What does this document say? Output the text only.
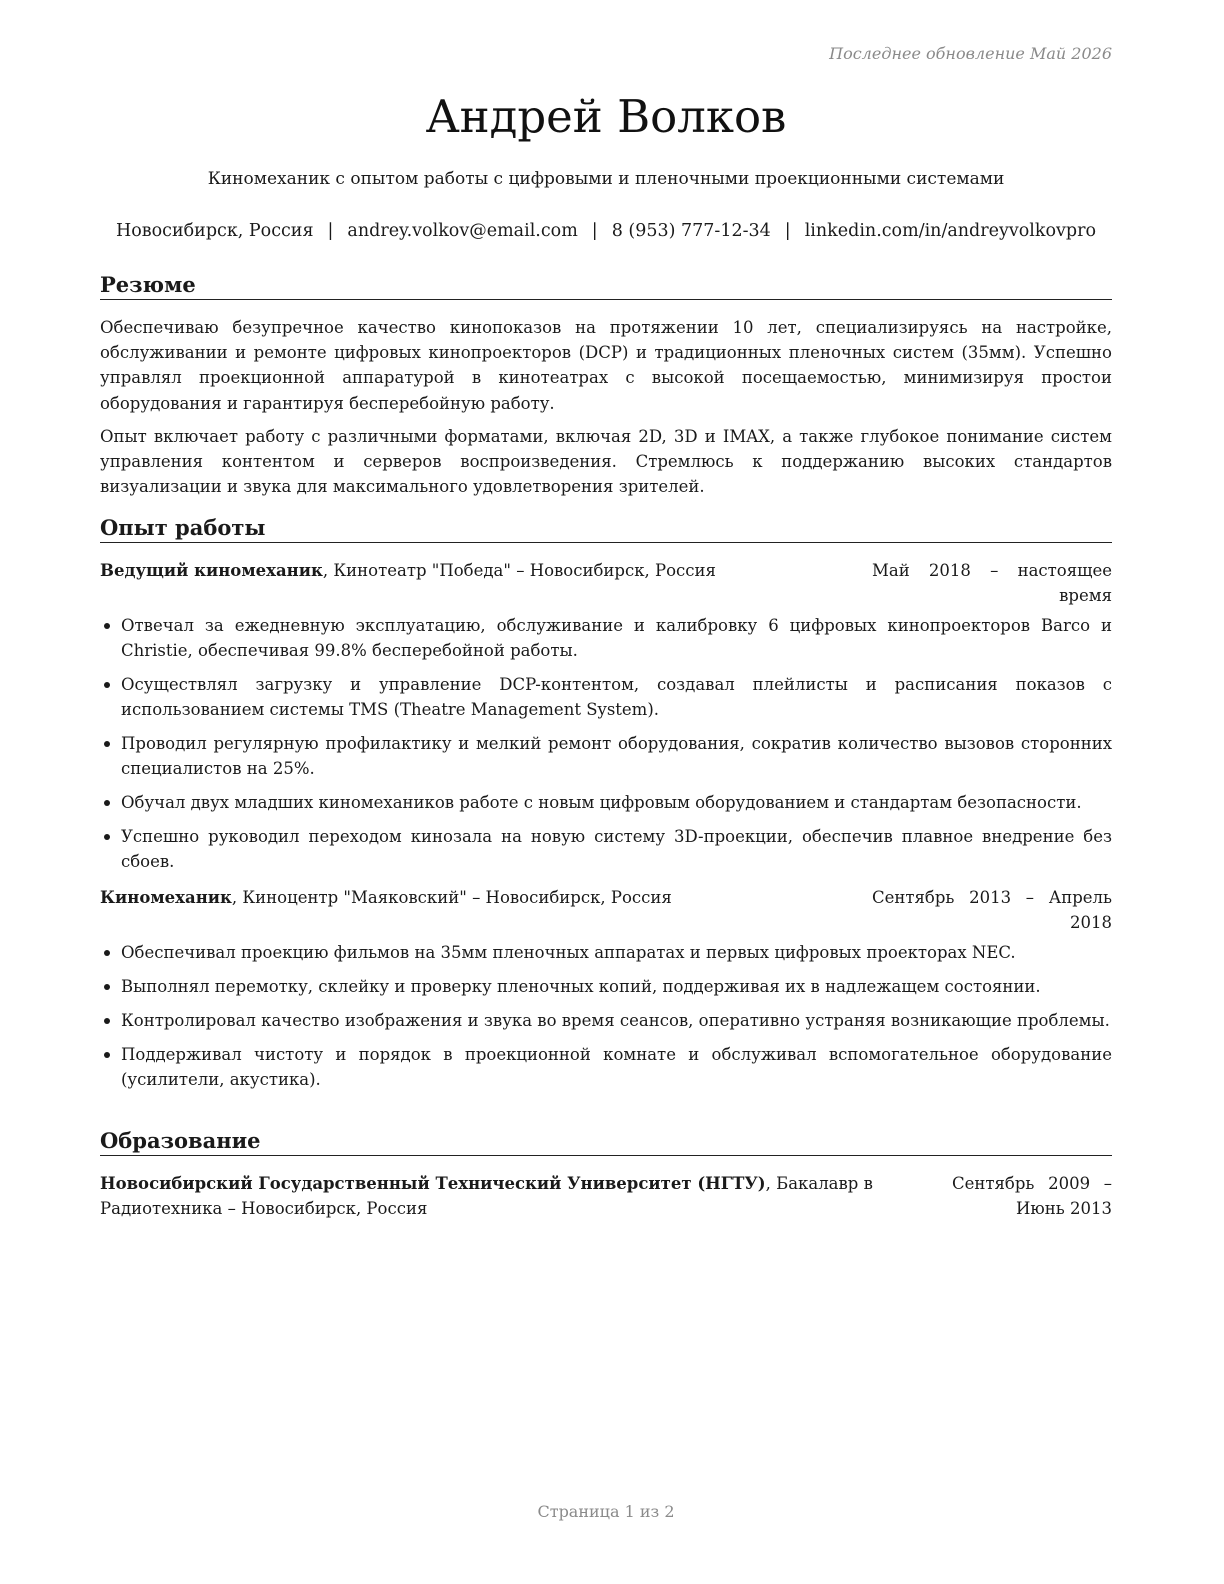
Последнее обновление Май 2026
Андрей Волков
Киномеханик с опытом работы с цифровыми и пленочными проекционными системами
Новосибирск, Россия | andrey.volkov@email.com | 8 (953) 777-12-34 | linkedin.com/in/andreyvolkovpro
Резюме

Обеспечиваю безупречное качество кинопоказов на протяжении 10 лет, специализируясь на настройке, обслуживании и ремонте цифровых кинопроекторов (DCP) и традиционных пленочных систем (35мм). Успешно управлял проекционной аппаратурой в кинотеатрах с высокой посещаемостью, минимизируя простои оборудования и гарантируя бесперебойную работу.

Опыт включает работу с различными форматами, включая 2D, 3D и IMAX, а также глубокое понимание систем управления контентом и серверов воспроизведения. Стремлюсь к поддержанию высоких стандартов визуализации и звука для максимального удовлетворения зрителей.

Опыт работы
Ведущий киномеханик, Кинотеатр "Победа" – Новосибирск, Россия	Май 2018 – настоящее время
Отвечал за ежедневную эксплуатацию, обслуживание и калибровку 6 цифровых кинопроекторов Barco и Christie, обеспечивая 99.8% бесперебойной работы.
Осуществлял загрузку и управление DCP-контентом, создавал плейлисты и расписания показов с использованием системы TMS (Theatre Management System).
Проводил регулярную профилактику и мелкий ремонт оборудования, сократив количество вызовов сторонних специалистов на 25%.
Обучал двух младших киномехаников работе с новым цифровым оборудованием и стандартам безопасности.
Успешно руководил переходом кинозала на новую систему 3D-проекции, обеспечив плавное внедрение без сбоев.
Киномеханик, Киноцентр "Маяковский" – Новосибирск, Россия	Сентябрь 2013 – Апрель 2018
Обеспечивал проекцию фильмов на 35мм пленочных аппаратах и первых цифровых проекторах NEC.
Выполнял перемотку, склейку и проверку пленочных копий, поддерживая их в надлежащем состоянии.
Контролировал качество изображения и звука во время сеансов, оперативно устраняя возникающие проблемы.
Поддерживал чистоту и порядок в проекционной комнате и обслуживал вспомогательное оборудование (усилители, акустика).
Образование
Новосибирский Государственный Технический Университет (НГТУ), Бакалавр в Радиотехника – Новосибирск, Россия
Сентябрь 2009 – Июнь 2013
Страница 1 из 2
